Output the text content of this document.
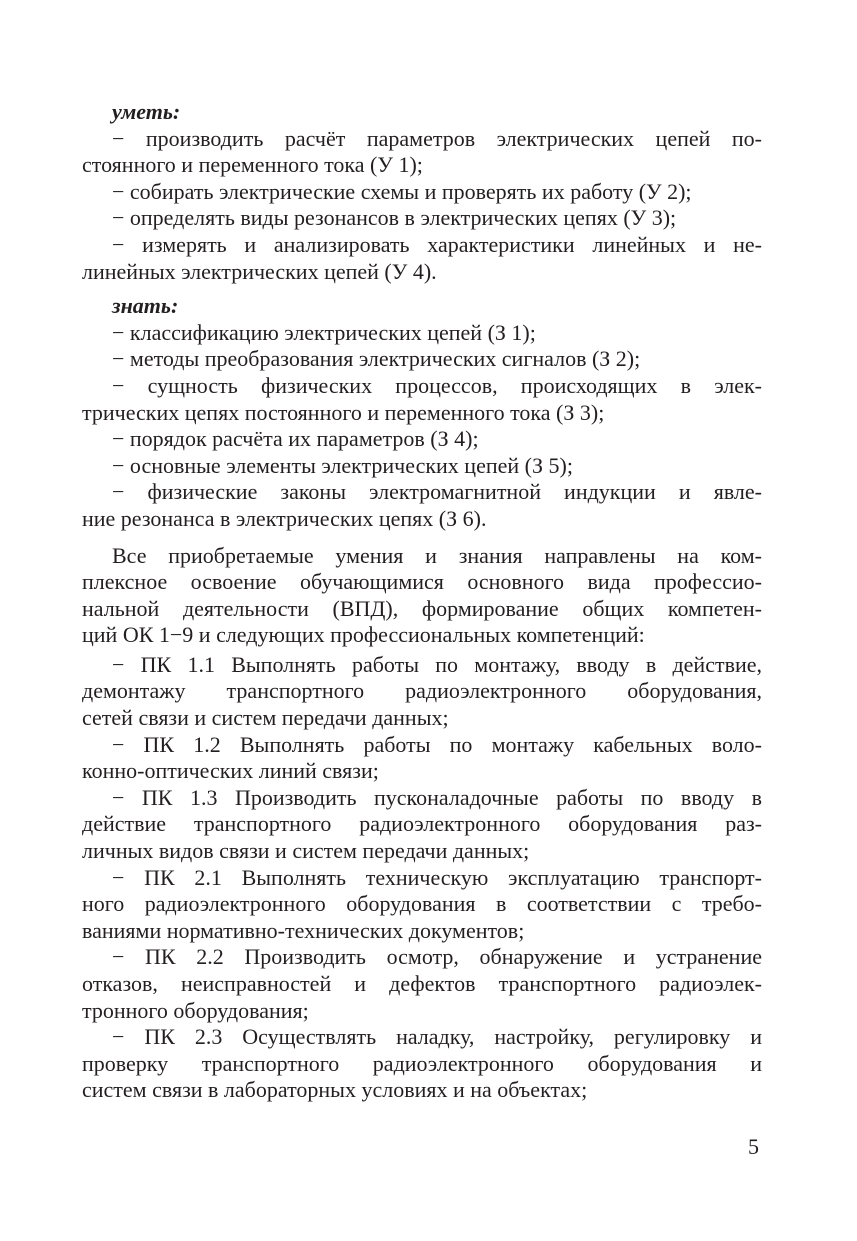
уметь:
− производить расчёт параметров электрических цепей по-
стоянного и переменного тока (У 1);
− собирать электрические схемы и проверять их работу (У 2);
− определять виды резонансов в электрических цепях (У 3);
− измерять и анализировать характеристики линейных и не-
линейных электрических цепей (У 4).
знать:
− классификацию электрических цепей (З 1);
− методы преобразования электрических сигналов (З 2);
− сущность физических процессов, происходящих в элек-
трических цепях постоянного и переменного тока (З 3);
− порядок расчёта их параметров (З 4);
− основные элементы электрических цепей (З 5);
− физические законы электромагнитной индукции и явле-
ние резонанса в электрических цепях (З 6).
Все приобретаемые умения и знания направлены на ком-
плексное освоение обучающимися основного вида профессио-
нальной деятельности (ВПД), формирование общих компетен-
ций ОК 1−9 и следующих профессиональных компетенций:
− ПК 1.1 Выполнять работы по монтажу, вводу в действие,
демонтажу транспортного радиоэлектронного оборудования,
сетей связи и систем передачи данных;
− ПК 1.2 Выполнять работы по монтажу кабельных воло-
конно-оптических линий связи;
− ПК 1.3 Производить пусконаладочные работы по вводу в
действие транспортного радиоэлектронного оборудования раз-
личных видов связи и систем передачи данных;
− ПК 2.1 Выполнять техническую эксплуатацию транспорт-
ного радиоэлектронного оборудования в соответствии с требо-
ваниями нормативно-технических документов;
− ПК 2.2 Производить осмотр, обнаружение и устранение
отказов, неисправностей и дефектов транспортного радиоэлек-
тронного оборудования;
− ПК 2.3 Осуществлять наладку, настройку, регулировку и
проверку транспортного радиоэлектронного оборудования и
систем связи в лабораторных условиях и на объектах;
5
